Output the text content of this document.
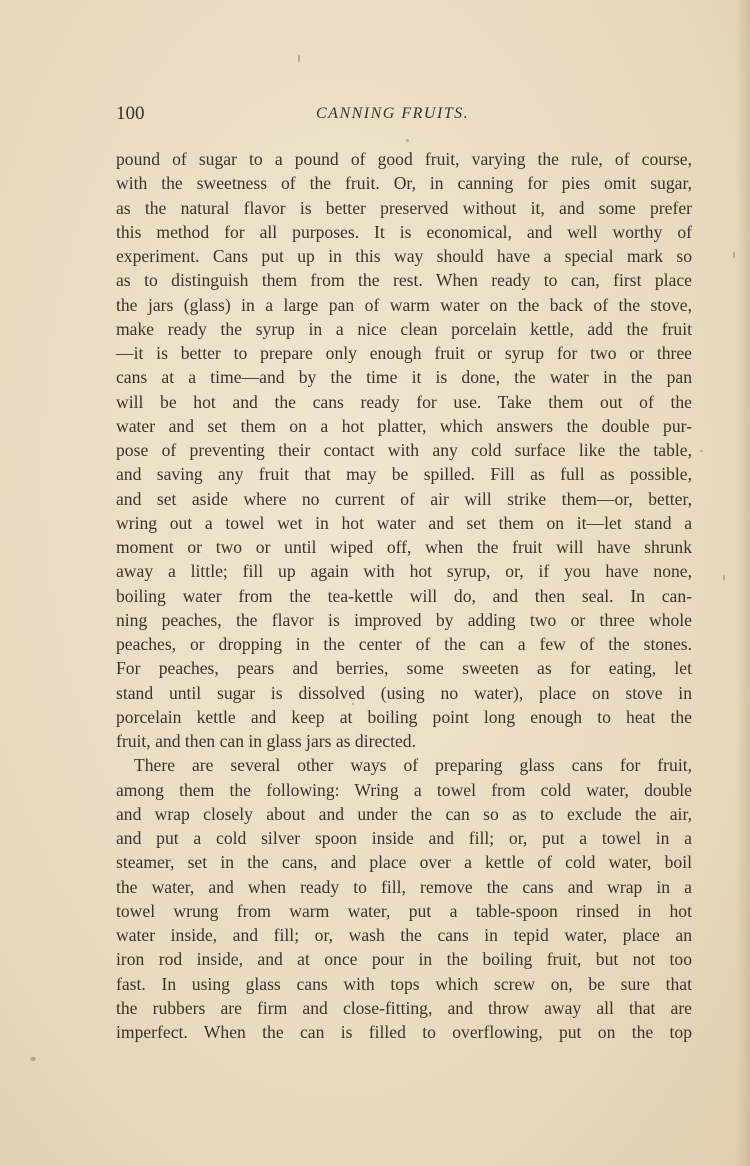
100	CANNING FRUITS.
pound of sugar to a pound of good fruit, varying the rule, of course,
with the sweetness of the fruit. Or, in canning for pies omit sugar,
as the natural flavor is better preserved without it, and some prefer
this method for all purposes. It is economical, and well worthy of
experiment. Cans put up in this way should have a special mark so
as to distinguish them from the rest. When ready to can, first place
the jars (glass) in a large pan of warm water on the back of the stove,
make ready the syrup in a nice clean porcelain kettle, add the fruit
—it is better to prepare only enough fruit or syrup for two or three
cans at a time—and by the time it is done, the water in the pan
will be hot and the cans ready for use. Take them out of the
water and set them on a hot platter, which answers the double pur-
pose of preventing their contact with any cold surface like the table,
and saving any fruit that may be spilled. Fill as full as possible,
and set aside where no current of air will strike them—or, better,
wring out a towel wet in hot water and set them on it—let stand a
moment or two or until wiped off, when the fruit will have shrunk
away a little; fill up again with hot syrup, or, if you have none,
boiling water from the tea-kettle will do, and then seal. In can-
ning peaches, the flavor is improved by adding two or three whole
peaches, or dropping in the center of the can a few of the stones.
For peaches, pears and berries, some sweeten as for eating, let
stand until sugar is dissolved (using no water), place on stove in
porcelain kettle and keep at boiling point long enough to heat the
fruit, and then can in glass jars as directed.
There are several other ways of preparing glass cans for fruit,
among them the following: Wring a towel from cold water, double
and wrap closely about and under the can so as to exclude the air,
and put a cold silver spoon inside and fill; or, put a towel in a
steamer, set in the cans, and place over a kettle of cold water, boil
the water, and when ready to fill, remove the cans and wrap in a
towel wrung from warm water, put a table-spoon rinsed in hot
water inside, and fill; or, wash the cans in tepid water, place an
iron rod inside, and at once pour in the boiling fruit, but not too
fast. In using glass cans with tops which screw on, be sure that
the rubbers are firm and close-fitting, and throw away all that are
imperfect. When the can is filled to overflowing, put on the top
